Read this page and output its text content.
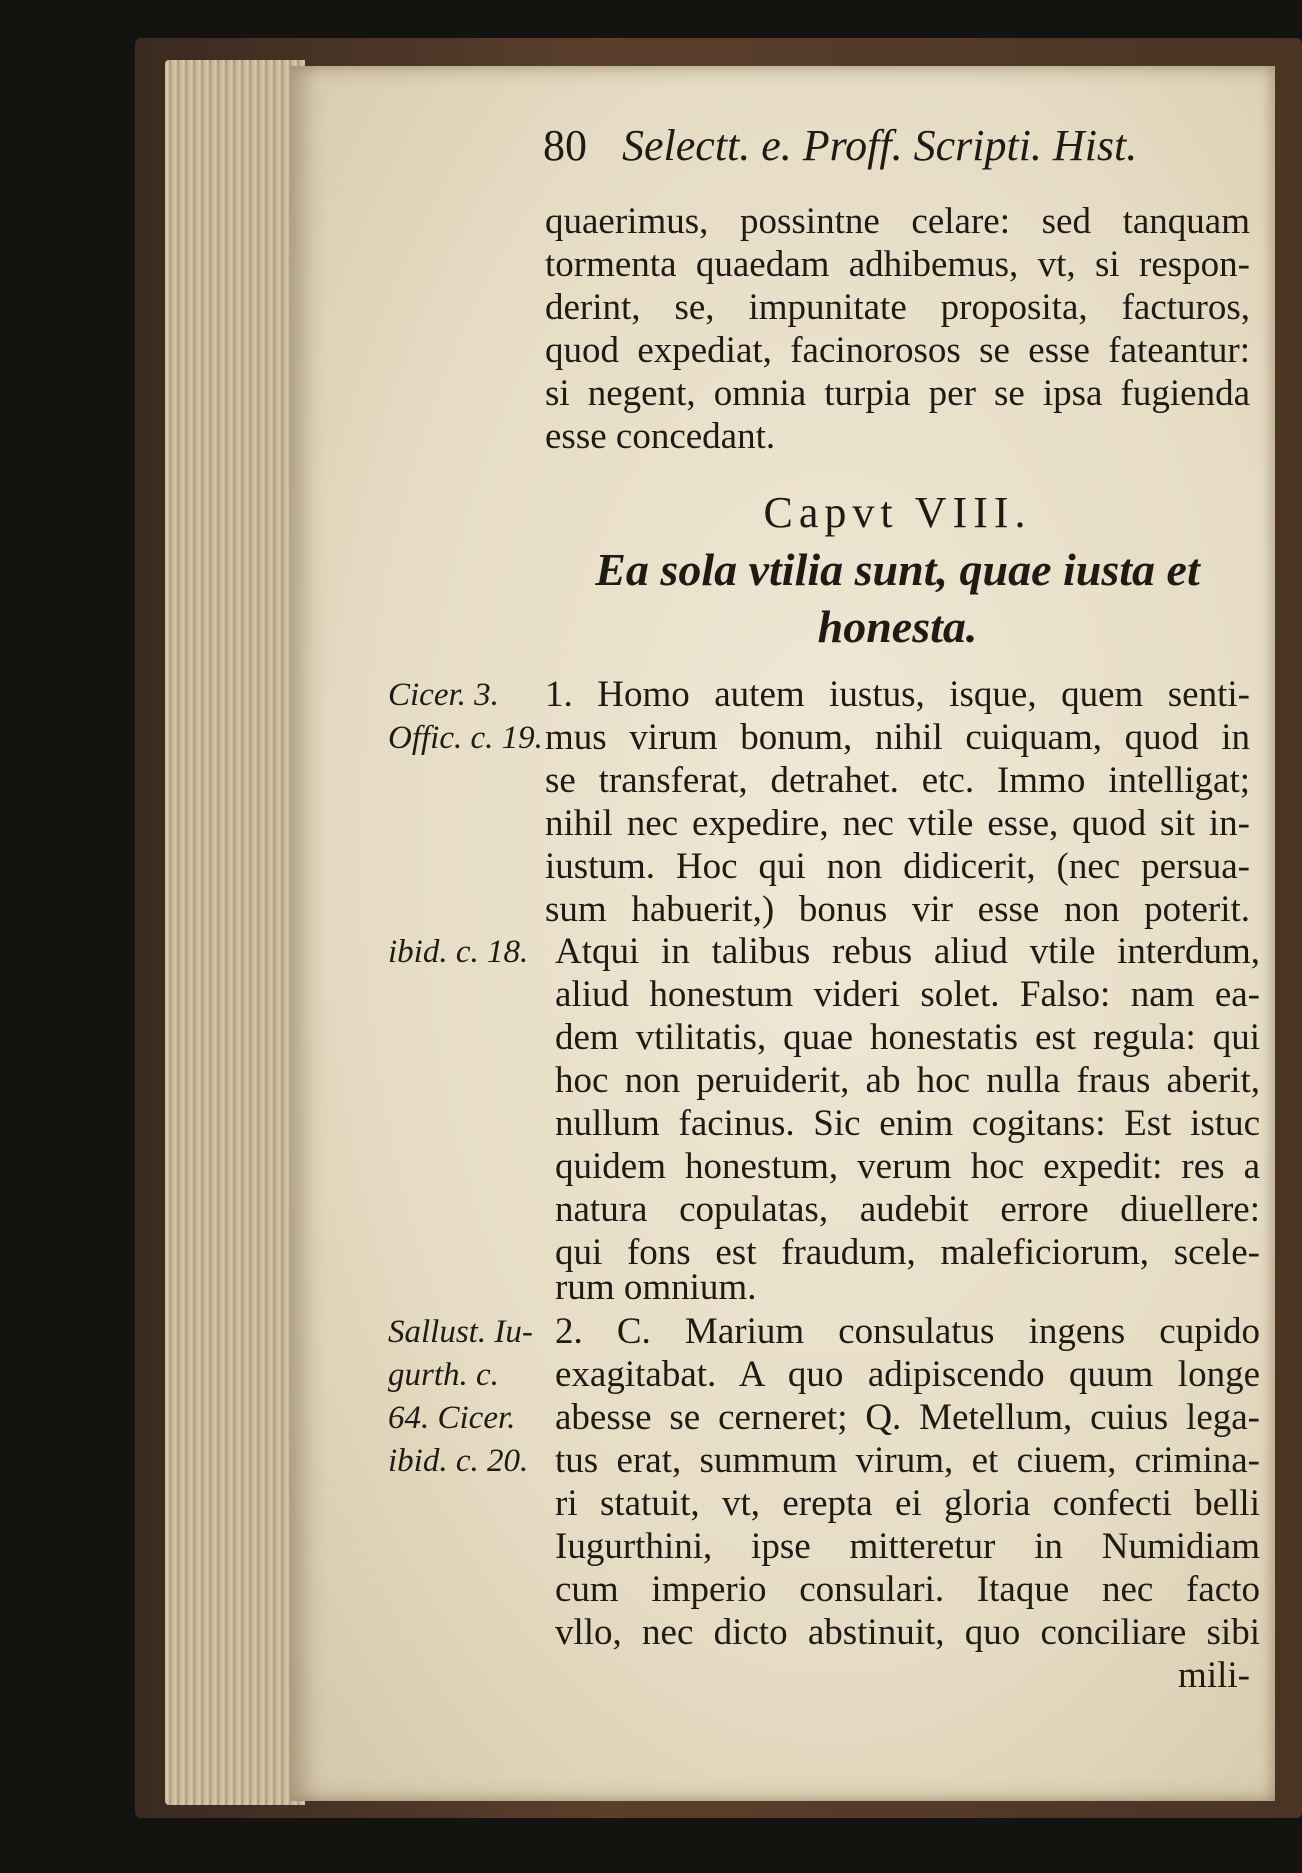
80 Selectt. e. Proff. Scripti. Hist.
quaerimus, possintne celare: sed tanquam
tormenta quaedam adhibemus, vt, si respon-
derint, se, impunitate proposita, facturos,
quod expediat, facinorosos se esse fateantur:
si negent, omnia turpia per se ipsa fugienda
esse concedant.
Capvt VIII.
Ea sola vtilia sunt, quae iusta et
honesta.
Cicer. 3.
Offic. c. 19.
ibid. c. 18.
Sallust. Iu-
gurth. c.
64. Cicer.
ibid. c. 20.
1. Homo autem iustus, isque, quem senti-
mus virum bonum, nihil cuiquam, quod in
se transferat, detrahet. etc. Immo intelligat;
nihil nec expedire, nec vtile esse, quod sit in-
iustum. Hoc qui non didicerit, (nec persua-
sum habuerit,) bonus vir esse non poterit.
Atqui in talibus rebus aliud vtile interdum,
aliud honestum videri solet. Falso: nam ea-
dem vtilitatis, quae honestatis est regula: qui
hoc non peruiderit, ab hoc nulla fraus aberit,
nullum facinus. Sic enim cogitans: Est istuc
quidem honestum, verum hoc expedit: res a
natura copulatas, audebit errore diuellere:
qui fons est fraudum, maleficiorum, scele-
rum omnium.
2. C. Marium consulatus ingens cupido
exagitabat. A quo adipiscendo quum longe
abesse se cerneret; Q. Metellum, cuius lega-
tus erat, summum virum, et ciuem, crimina-
ri statuit, vt, erepta ei gloria confecti belli
Iugurthini, ipse mitteretur in Numidiam
cum imperio consulari. Itaque nec facto
vllo, nec dicto abstinuit, quo conciliare sibi
mili-
